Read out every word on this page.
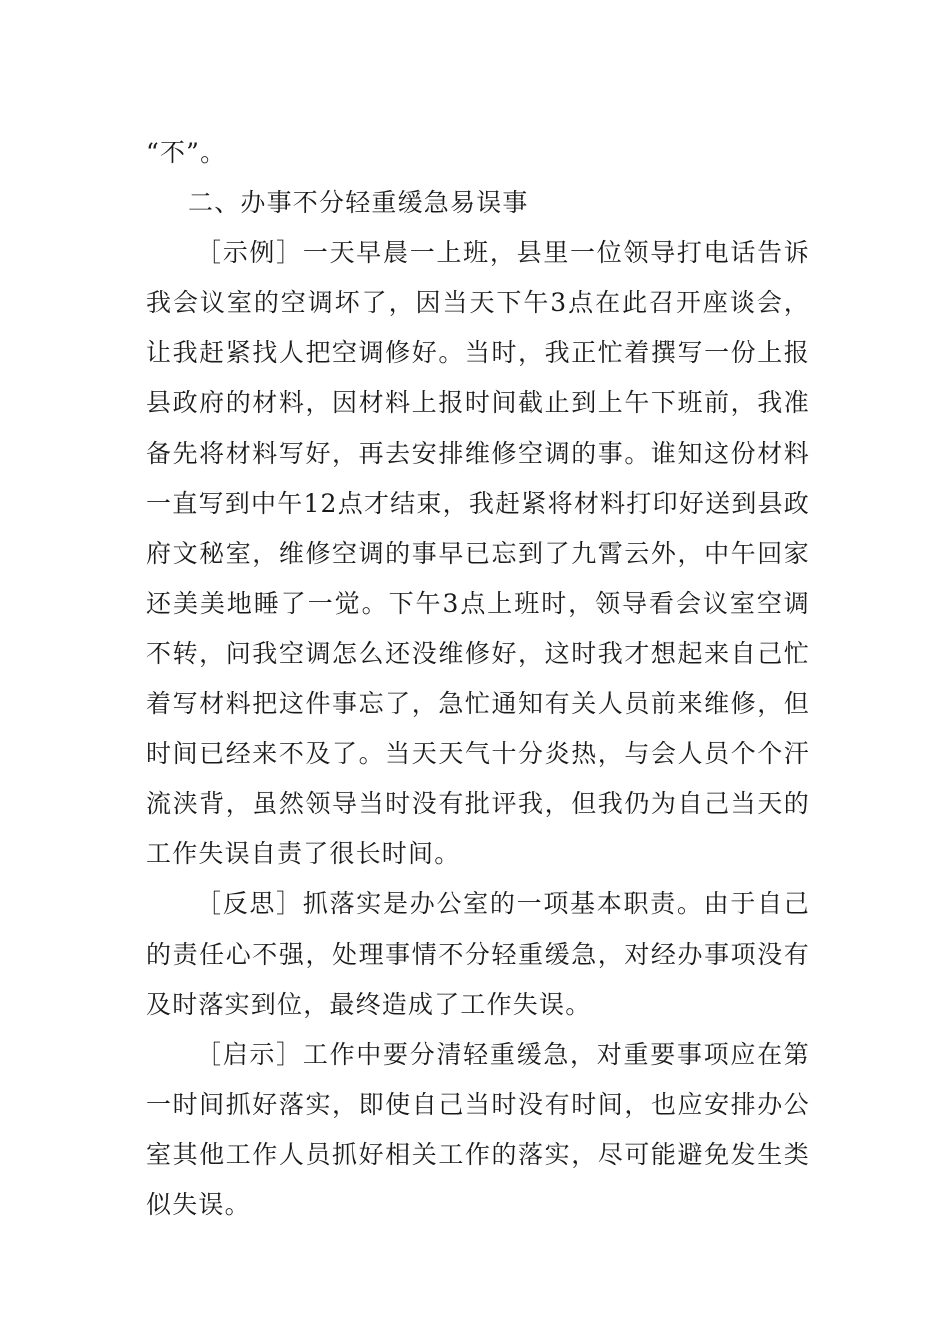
“不”。

二、办事不分轻重缓急易误事

［示例］一天早晨一上班，县里一位领导打电话告诉我会议室的空调坏了，因当天下午3点在此召开座谈会，让我赶紧找人把空调修好。当时，我正忙着撰写一份上报县政府的材料，因材料上报时间截止到上午下班前，我准备先将材料写好，再去安排维修空调的事。谁知这份材料一直写到中午12点才结束，我赶紧将材料打印好送到县政府文秘室，维修空调的事早已忘到了九霄云外，中午回家还美美地睡了一觉。下午3点上班时，领导看会议室空调不转，问我空调怎么还没维修好，这时我才想起来自己忙着写材料把这件事忘了，急忙通知有关人员前来维修，但时间已经来不及了。当天天气十分炎热，与会人员个个汗流浃背，虽然领导当时没有批评我，但我仍为自己当天的工作失误自责了很长时间。

［反思］抓落实是办公室的一项基本职责。由于自己的责任心不强，处理事情不分轻重缓急，对经办事项没有及时落实到位，最终造成了工作失误。

［启示］工作中要分清轻重缓急，对重要事项应在第一时间抓好落实，即使自己当时没有时间，也应安排办公室其他工作人员抓好相关工作的落实，尽可能避免发生类似失误。
